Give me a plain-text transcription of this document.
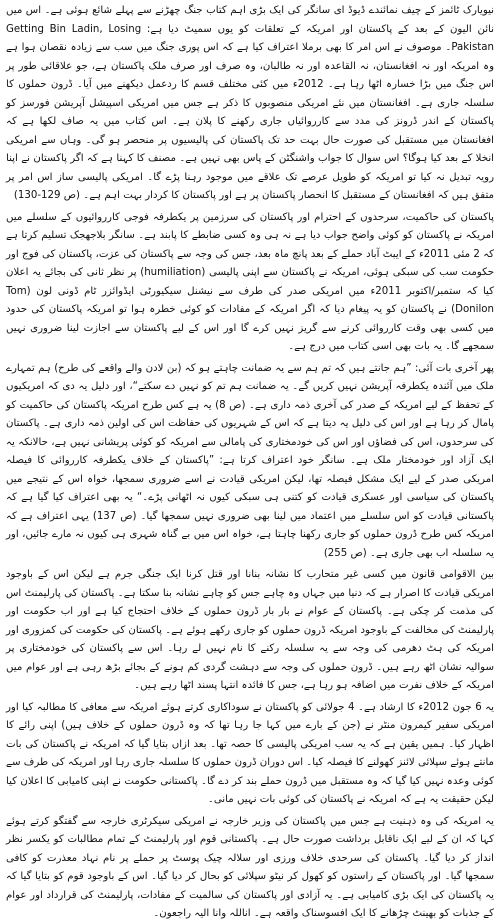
نیویارک ٹائمز کے چیف نمائندے ڈیوڈ ای سانگر کی ایک بڑی اہم کتاب جنگ چھڑنے سے پہلے شائع ہوئی ہے۔ اس میں نائن الیون کے بعد کے پاکستان اور امریکہ کے تعلقات کو یوں سمیٹ دیا ہے: Getting Bin Ladin, Losing Pakistan۔ موصوف نے اس امر کا بھی برملا اعتراف کیا ہے کہ اس پوری جنگ میں سب سے زیادہ نقصان ہوا ہے وہ امریکہ اور نہ افغانستان، نہ القاعدہ اور نہ طالبان، وہ صرف اور صرف ملک پاکستان ہے، جو علاقائی طور پر اس جنگ میں بڑا خسارہ اٹھا رہا ہے۔ 2012ء میں کئی مختلف قسم کا ردعمل دیکھنے میں آیا۔ ڈرون حملوں کا سلسلہ جاری ہے۔ افغانستان میں نئے امریکی منصوبوں کا ذکر ہے جس میں امریکی اسپیشل آپریشن فورسز کو پاکستان کے اندر ڈرونز کی مدد سے کارروائیاں جاری رکھنے کا پلان ہے۔ اس کتاب میں یہ صاف لکھا ہے کہ افغانستان میں مستقبل کی صورت حال بہت حد تک پاکستان کی پالیسیوں پر منحصر ہو گی۔ وہاں سے امریکی انخلا کے بعد کیا ہوگا؟ اس سوال کا جواب واشنگٹن کے پاس بھی نہیں ہے۔ مصنف کا کہنا ہے کہ اگر پاکستان نے اپنا رویہ تبدیل نہ کیا تو امریکہ کو طویل عرصے تک علاقے میں موجود رہنا پڑے گا۔ امریکی پالیسی ساز اس امر پر متفق ہیں کہ افغانستان کے مستقبل کا انحصار پاکستان پر ہے اور پاکستان کا کردار بہت اہم ہے۔ (ص 129-130)

پاکستان کی حاکمیت، سرحدوں کے احترام اور پاکستان کی سرزمین پر یکطرفہ فوجی کارروائیوں کے سلسلے میں امریکہ نے پاکستان کو کوئی واضح جواب دیا ہے نہ ہی وہ کسی ضابطے کا پابند ہے۔ سانگر بلاجھجک تسلیم کرتا ہے کہ 2 مئی 2011ء کے ایبٹ آباد حملے کے بعد پانچ ماہ بعد، جس کی وجہ سے پاکستان کی عزت، پاکستان کی فوج اور حکومت سب کی سبکی ہوئی، امریکہ نے پاکستان سے اپنی پالیسی (humiliation) پر نظر ثانی کی بجائے یہ اعلان کیا کہ ستمبر/اکتوبر 2011ء میں امریکی صدر کی طرف سے نیشنل سیکیورٹی ایڈوائزر ٹام ڈونی لون (Tom Donilon) نے پاکستان کو یہ پیغام دیا کہ اگر امریکہ کے مفادات کو کوئی خطرہ ہوا تو امریکہ پاکستان کی حدود میں کسی بھی وقت کارروائی کرنے سے گریز نہیں کرے گا اور اس کے لیے پاکستان سے اجازت لینا ضروری نہیں سمجھے گا۔ یہ بات بھی اسی کتاب میں درج ہے۔

پھر آخری بات آئی: ”ہم جانتے ہیں کہ تم ہم سے یہ ضمانت چاہتے ہو کہ (بن لادن والے واقعے کی طرح) ہم تمہارے ملک میں آئندہ یکطرفہ آپریشن نہیں کریں گے۔ یہ ضمانت ہم تم کو نہیں دے سکتے“، اور دلیل یہ دی کہ امریکیوں کے تحفظ کے لیے امریکہ کے صدر کی آخری ذمہ داری ہے۔ (ص 8) یہ ہے کس طرح امریکہ پاکستان کی حاکمیت کو پامال کر رہا ہے اور اس کی دلیل یہ دیتا ہے کہ اس کے شہریوں کی حفاظت اس کی اولین ذمہ داری ہے۔ پاکستان کی سرحدوں، اس کی فضاؤں اور اس کی خودمختاری کی پامالی سے امریکہ کو کوئی پریشانی نہیں ہے، حالانکہ یہ ایک آزاد اور خودمختار ملک ہے۔ سانگر خود اعتراف کرتا ہے: ”پاکستان کے خلاف یکطرفہ کارروائی کا فیصلہ امریکی صدر کے لیے ایک مشکل فیصلہ تھا، لیکن امریکی قیادت نے اسے ضروری سمجھا، خواہ اس کے نتیجے میں پاکستان کی سیاسی اور عسکری قیادت کو کتنی ہی سبکی کیوں نہ اٹھانی پڑے۔“ یہ بھی اعتراف کیا گیا ہے کہ پاکستانی قیادت کو اس سلسلے میں اعتماد میں لینا بھی ضروری نہیں سمجھا گیا۔ (ص 137) یہی اعتراف ہے کہ امریکہ کس طرح ڈرون حملوں کو جاری رکھنا چاہتا ہے، خواہ اس میں بے گناہ شہری ہی کیوں نہ مارے جائیں، اور یہ سلسلہ اب بھی جاری ہے۔ (ص 255)

بین الاقوامی قانون میں کسی غیر متحارب کا نشانہ بنانا اور قتل کرنا ایک جنگی جرم ہے لیکن اس کے باوجود امریکی قیادت کا اصرار ہے کہ دنیا میں جہاں وہ چاہے جس کو چاہے نشانہ بنا سکتا ہے۔ پاکستان کی پارلیمنٹ اس کی مذمت کر چکی ہے۔ پاکستان کے عوام نے بار بار ڈرون حملوں کے خلاف احتجاج کیا ہے اور اب حکومت اور پارلیمنٹ کی مخالفت کے باوجود امریکہ ڈرون حملوں کو جاری رکھے ہوئے ہے۔ پاکستان کی حکومت کی کمزوری اور امریکہ کی ہٹ دھرمی کی وجہ سے یہ سلسلہ رکنے کا نام نہیں لے رہا۔ اس سے پاکستان کی خودمختاری پر سوالیہ نشان اٹھ رہے ہیں۔ ڈرون حملوں کی وجہ سے دہشت گردی کم ہونے کے بجائے بڑھ رہی ہے اور عوام میں امریکہ کے خلاف نفرت میں اضافہ ہو رہا ہے، جس کا فائدہ انتہا پسند اٹھا رہے ہیں۔

یہ 6 جون 2012ء کا ارشاد ہے۔ 4 جولائی کو پاکستان نے سوداکاری کرتے ہوئے امریکہ سے معافی کا مطالبہ کیا اور امریکی سفیر کیمرون منٹر نے (جن کے بارے میں کہا جا رہا تھا کہ وہ ڈرون حملوں کے خلاف ہیں) اپنی رائے کا اظہار کیا۔ ہمیں یقین ہے کہ یہ سب امریکی پالیسی کا حصہ تھا۔ بعد ازاں بتایا گیا کہ امریکہ نے پاکستان کی بات مانتے ہوئے سپلائی لائنز کھولنے کا فیصلہ کیا۔ اس دوران ڈرون حملوں کا سلسلہ جاری رہا اور امریکہ کی طرف سے کوئی وعدہ نہیں کیا گیا کہ وہ مستقبل میں ڈرون حملے بند کر دے گا۔ پاکستانی حکومت نے اپنی کامیابی کا اعلان کیا لیکن حقیقت یہ ہے کہ امریکہ نے پاکستان کی کوئی بات نہیں مانی۔

یہ امریکہ کی وہ ذہنیت ہے جس میں پاکستان کی وزیر خارجہ نے امریکی سیکرٹری خارجہ سے گفتگو کرتے ہوئے کہا کہ ان کے لیے ایک ناقابل برداشت صورت حال ہے۔ پاکستانی قوم اور پارلیمنٹ کے تمام مطالبات کو یکسر نظر انداز کر دیا گیا۔ پاکستان کی سرحدی خلاف ورزی اور سلالہ چیک پوسٹ پر حملے پر نام نہاد معذرت کو کافی سمجھا گیا۔ اور پاکستان کے راستوں کو کھول کر نیٹو سپلائی کو بحال کر دیا گیا۔ اس کے باوجود قوم کو بتایا گیا کہ یہ پاکستان کی ایک بڑی کامیابی ہے۔ یہ آزادی اور پاکستان کی سالمیت کے مفادات، پارلیمنٹ کی قرارداد اور عوام کے جذبات کو بھینٹ چڑھانے کا ایک افسوسناک واقعہ ہے۔ اناللہ وانا الیہ راجعون۔
